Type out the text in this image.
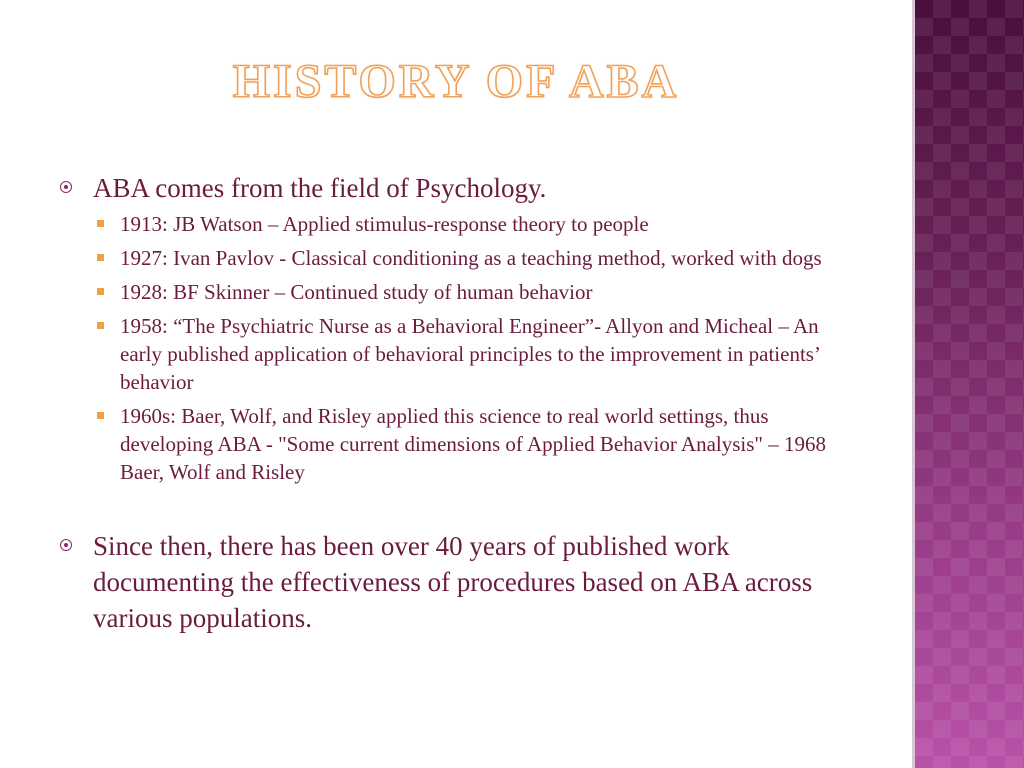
HISTORY OF ABA
ABA comes from the field of Psychology.
1913: JB Watson – Applied stimulus-response theory to people
1927: Ivan Pavlov - Classical conditioning as a teaching method, worked with dogs
1928: BF Skinner – Continued study of human behavior
1958: “The Psychiatric Nurse as a Behavioral Engineer”- Allyon and Micheal – An early published application of behavioral principles to the improvement in patients’ behavior
1960s: Baer, Wolf, and Risley applied this science to real world settings, thus developing ABA - "Some current dimensions of Applied Behavior Analysis" – 1968 Baer, Wolf and Risley
Since then, there has been over 40 years of published work documenting the effectiveness of procedures based on ABA across various populations.
